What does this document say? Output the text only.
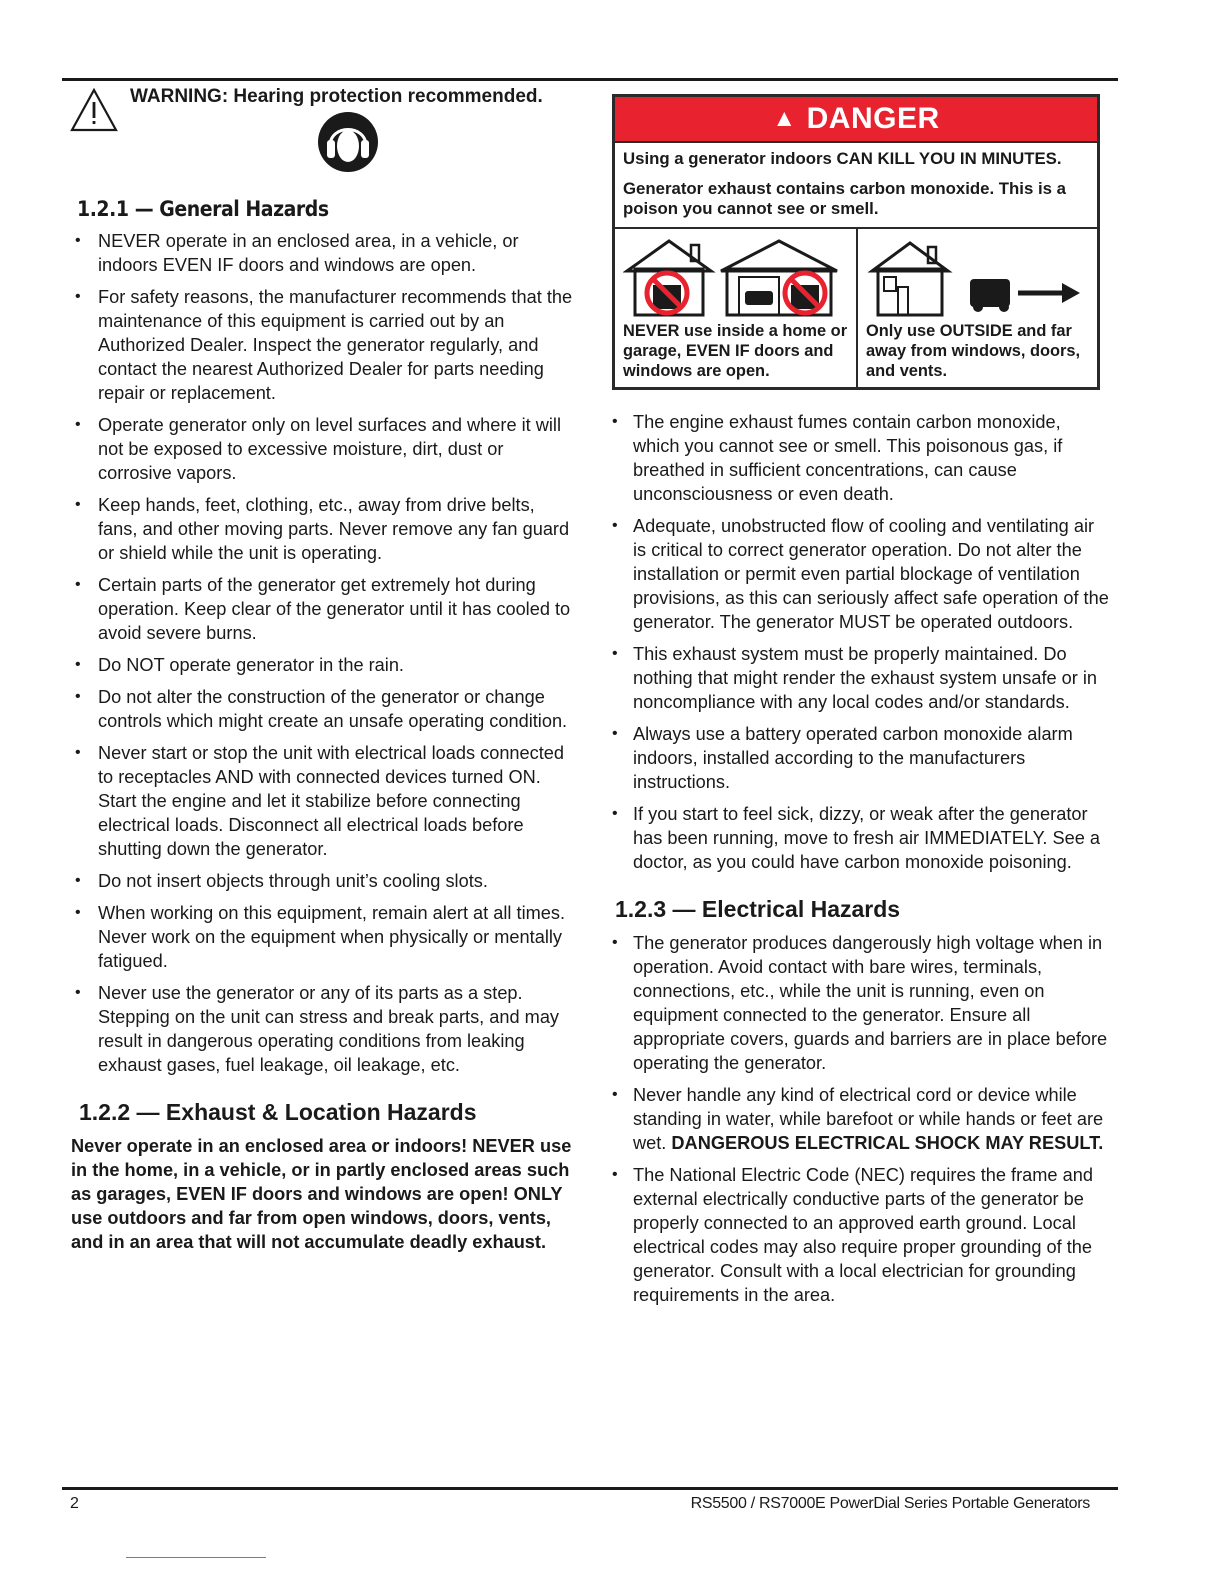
WARNING: Hearing protection recommended.
1.2.1 — General Hazards
• NEVER operate in an enclosed area, in a vehicle, or indoors EVEN IF doors and windows are open.
• For safety reasons, the manufacturer recommends that the maintenance of this equipment is carried out by an Authorized Dealer. Inspect the generator regularly, and contact the nearest Authorized Dealer for parts needing repair or replacement.
• Operate generator only on level surfaces and where it will not be exposed to excessive moisture, dirt, dust or corrosive vapors.
• Keep hands, feet, clothing, etc., away from drive belts, fans, and other moving parts. Never remove any fan guard or shield while the unit is operating.
• Certain parts of the generator get extremely hot during operation. Keep clear of the generator until it has cooled to avoid severe burns.
• Do NOT operate generator in the rain.
• Do not alter the construction of the generator or change controls which might create an unsafe operating condition.
• Never start or stop the unit with electrical loads connected to receptacles AND with connected devices turned ON. Start the engine and let it stabilize before connecting electrical loads. Disconnect all electrical loads before shutting down the generator.
• Do not insert objects through unit’s cooling slots.
• When working on this equipment, remain alert at all times. Never work on the equipment when physically or mentally fatigued.
• Never use the generator or any of its parts as a step. Stepping on the unit can stress and break parts, and may result in dangerous operating conditions from leaking exhaust gases, fuel leakage, oil leakage, etc.
1.2.2 — Exhaust & Location Hazards

Never operate in an enclosed area or indoors! NEVER use in the home, in a vehicle, or in partly enclosed areas such as garages, EVEN IF doors and windows are open! ONLY use outdoors and far from open windows, doors, vents, and in an area that will not accumulate deadly exhaust.

▲ DANGER

Using a generator indoors CAN KILL YOU IN MINUTES.

Generator exhaust contains carbon monoxide. This is a poison you cannot see or smell.

NEVER use inside a home or garage, EVEN IF doors and windows are open.
Only use OUTSIDE and far away from windows, doors, and vents.
• The engine exhaust fumes contain carbon monoxide, which you cannot see or smell. This poisonous gas, if breathed in sufficient concentrations, can cause unconsciousness or even death.
• Adequate, unobstructed flow of cooling and ventilating air is critical to correct generator operation. Do not alter the installation or permit even partial blockage of ventilation provisions, as this can seriously affect safe operation of the generator. The generator MUST be operated outdoors.
• This exhaust system must be properly maintained. Do nothing that might render the exhaust system unsafe or in noncompliance with any local codes and/or standards.
• Always use a battery operated carbon monoxide alarm indoors, installed according to the manufacturers instructions.
• If you start to feel sick, dizzy, or weak after the generator has been running, move to fresh air IMMEDIATELY. See a doctor, as you could have carbon monoxide poisoning.
1.2.3 — Electrical Hazards
• The generator produces dangerously high voltage when in operation. Avoid contact with bare wires, terminals, connections, etc., while the unit is running, even on equipment connected to the generator. Ensure all appropriate covers, guards and barriers are in place before operating the generator.
• Never handle any kind of electrical cord or device while standing in water, while barefoot or while hands or feet are wet. DANGEROUS ELECTRICAL SHOCK MAY RESULT.
• The National Electric Code (NEC) requires the frame and external electrically conductive parts of the generator be properly connected to an approved earth ground. Local electrical codes may also require proper grounding of the generator. Consult with a local electrician for grounding requirements in the area.
2	RS5500 / RS7000E PowerDial Series Portable Generators
